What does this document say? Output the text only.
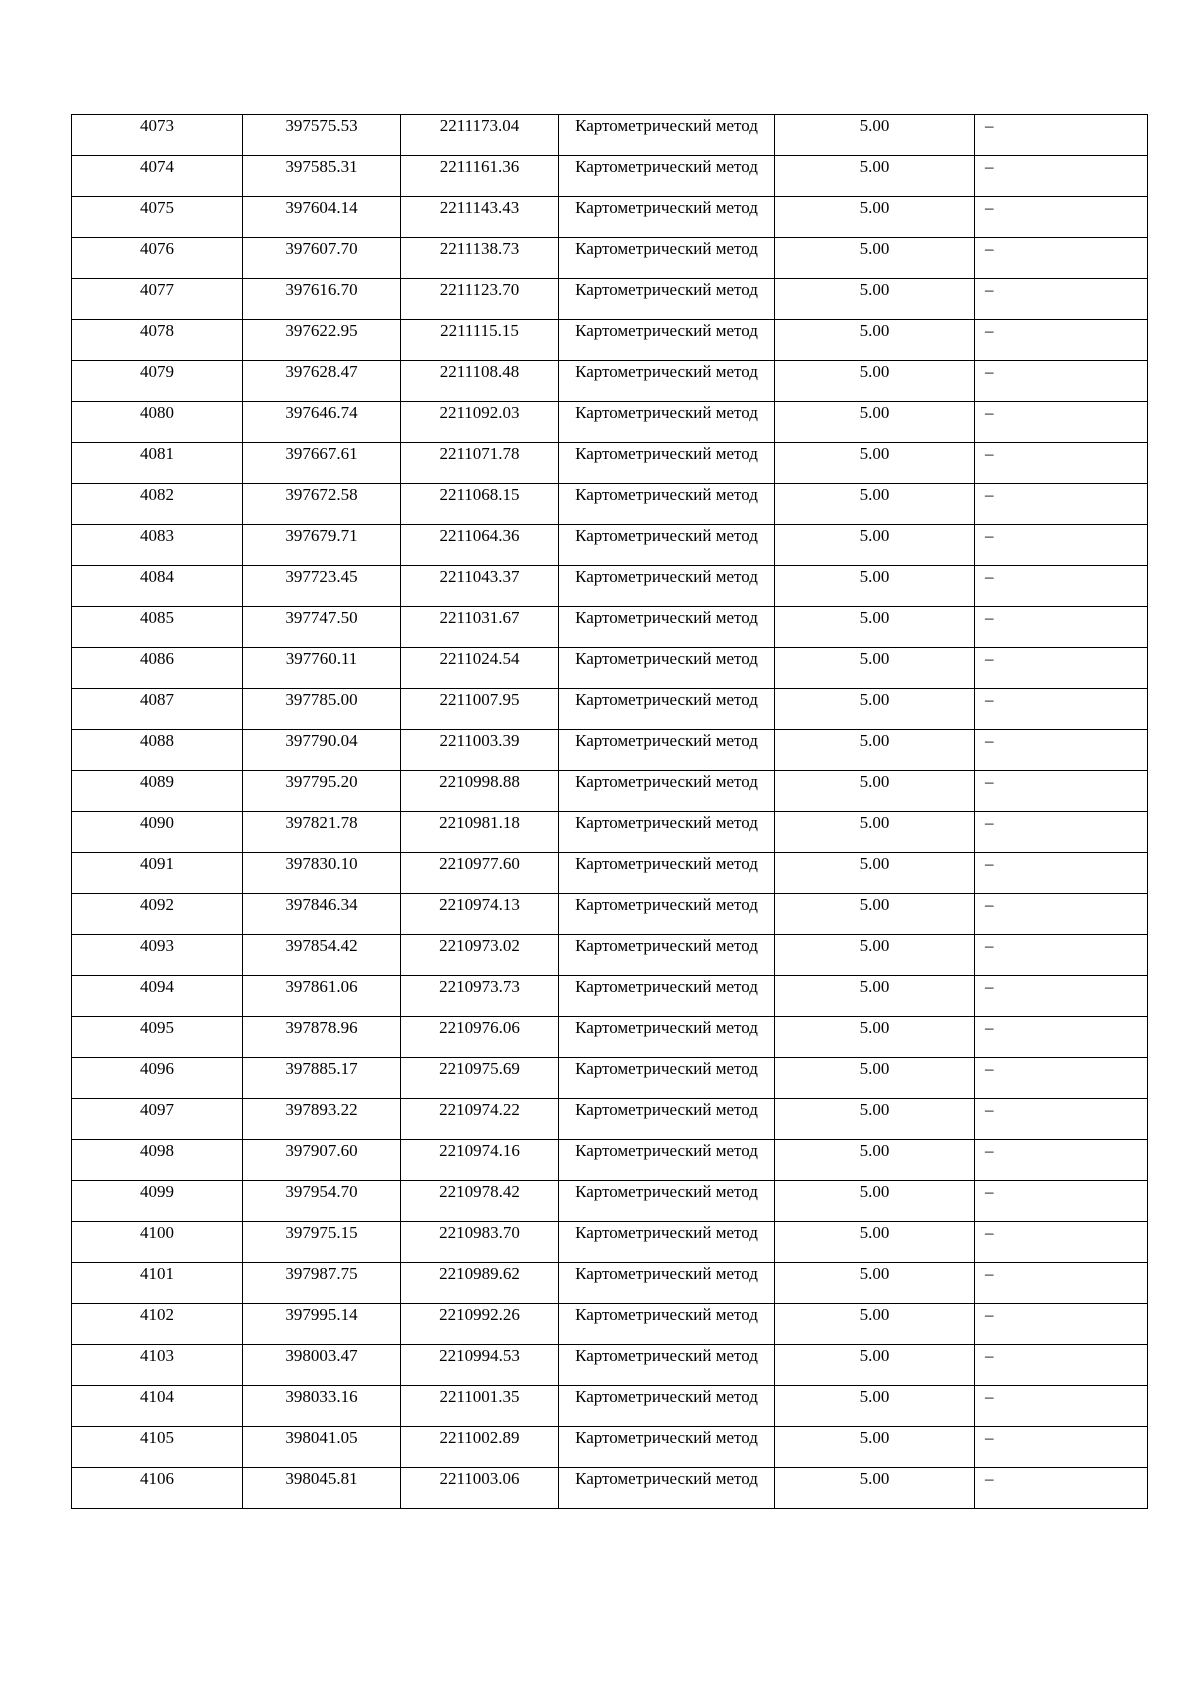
4073	397575.53	2211173.04	Картометрический метод	5.00	–

4074	397585.31	2211161.36	Картометрический метод	5.00	–

4075	397604.14	2211143.43	Картометрический метод	5.00	–

4076	397607.70	2211138.73	Картометрический метод	5.00	–

4077	397616.70	2211123.70	Картометрический метод	5.00	–

4078	397622.95	2211115.15	Картометрический метод	5.00	–

4079	397628.47	2211108.48	Картометрический метод	5.00	–

4080	397646.74	2211092.03	Картометрический метод	5.00	–

4081	397667.61	2211071.78	Картометрический метод	5.00	–

4082	397672.58	2211068.15	Картометрический метод	5.00	–

4083	397679.71	2211064.36	Картометрический метод	5.00	–

4084	397723.45	2211043.37	Картометрический метод	5.00	–

4085	397747.50	2211031.67	Картометрический метод	5.00	–

4086	397760.11	2211024.54	Картометрический метод	5.00	–

4087	397785.00	2211007.95	Картометрический метод	5.00	–

4088	397790.04	2211003.39	Картометрический метод	5.00	–

4089	397795.20	2210998.88	Картометрический метод	5.00	–

4090	397821.78	2210981.18	Картометрический метод	5.00	–

4091	397830.10	2210977.60	Картометрический метод	5.00	–

4092	397846.34	2210974.13	Картометрический метод	5.00	–

4093	397854.42	2210973.02	Картометрический метод	5.00	–

4094	397861.06	2210973.73	Картометрический метод	5.00	–

4095	397878.96	2210976.06	Картометрический метод	5.00	–

4096	397885.17	2210975.69	Картометрический метод	5.00	–

4097	397893.22	2210974.22	Картометрический метод	5.00	–

4098	397907.60	2210974.16	Картометрический метод	5.00	–

4099	397954.70	2210978.42	Картометрический метод	5.00	–

4100	397975.15	2210983.70	Картометрический метод	5.00	–

4101	397987.75	2210989.62	Картометрический метод	5.00	–

4102	397995.14	2210992.26	Картометрический метод	5.00	–

4103	398003.47	2210994.53	Картометрический метод	5.00	–

4104	398033.16	2211001.35	Картометрический метод	5.00	–

4105	398041.05	2211002.89	Картометрический метод	5.00	–

4106	398045.81	2211003.06	Картометрический метод	5.00	–
